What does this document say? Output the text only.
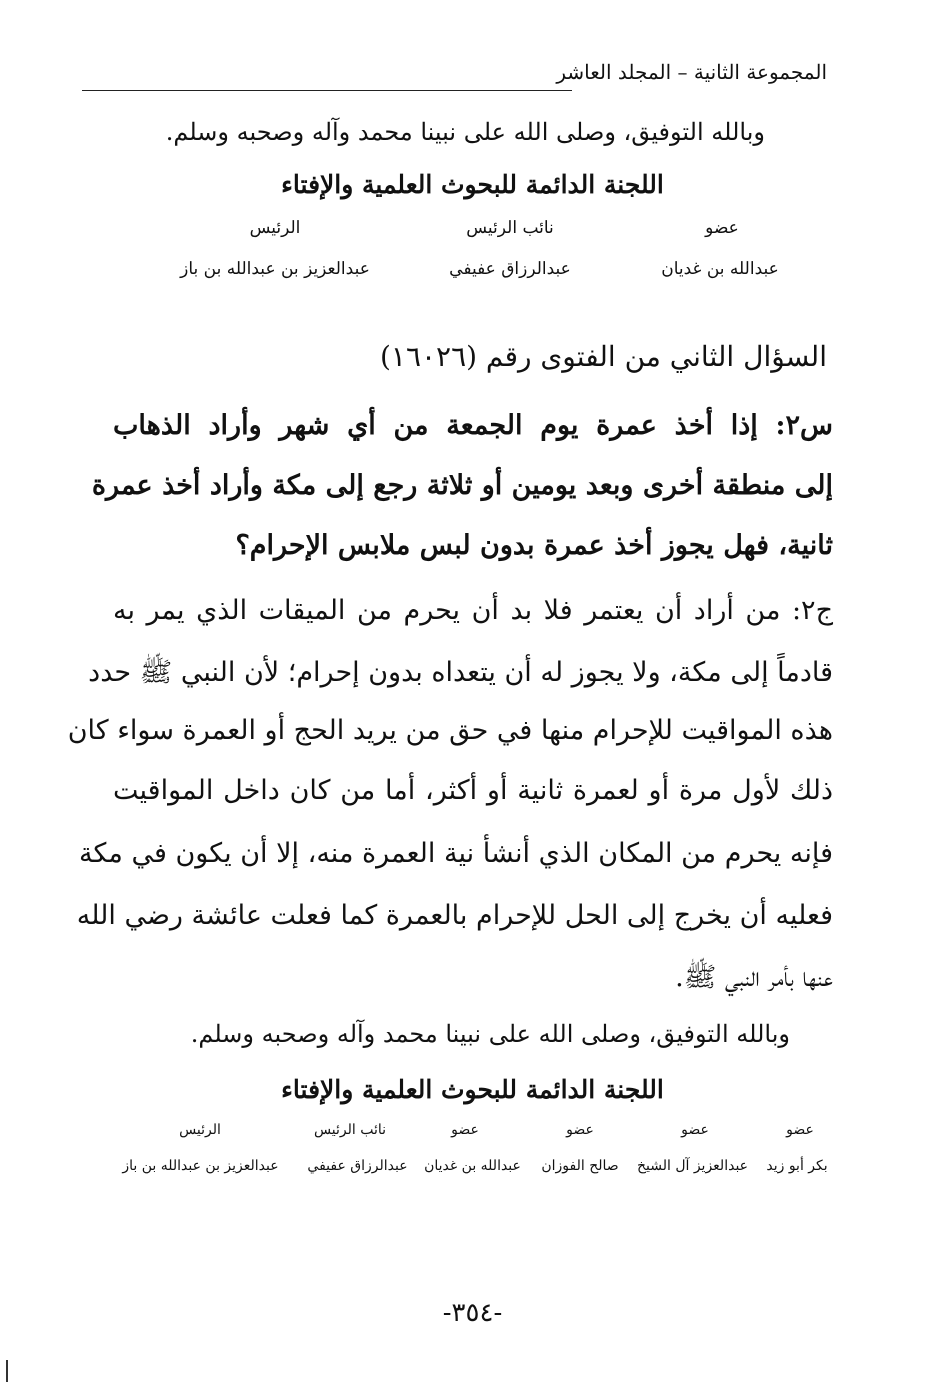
المجموعة الثانية – المجلد العاشر
وبالله التوفيق، وصلى الله على نبينا محمد وآله وصحبه وسلم.
اللجنة الدائمة للبحوث العلمية والإفتاء
عضو
نائب الرئيس
الرئيس
عبدالله بن غديان
عبدالرزاق عفيفي
عبدالعزيز بن عبدالله بن باز
السؤال الثاني من الفتوى رقم (١٦٠٢٦)
س٢: إذا أخذ عمرة يوم الجمعة من أي شهر وأراد الذهاب
إلى منطقة أخرى وبعد يومين أو ثلاثة رجع إلى مكة وأراد أخذ عمرة
ثانية، فهل يجوز أخذ عمرة بدون لبس ملابس الإحرام؟
ج٢: من أراد أن يعتمر فلا بد أن يحرم من الميقات الذي يمر به
قادماً إلى مكة، ولا يجوز له أن يتعداه بدون إحرام؛ لأن النبي ﷺ حدد
هذه المواقيت للإحرام منها في حق من يريد الحج أو العمرة سواء كان
ذلك لأول مرة أو لعمرة ثانية أو أكثر، أما من كان داخل المواقيت
فإنه يحرم من المكان الذي أنشأ نية العمرة منه، إلا أن يكون في مكة
فعليه أن يخرج إلى الحل للإحرام بالعمرة كما فعلت عائشة رضي الله
عنها بأمر النبي ﷺ.
وبالله التوفيق، وصلى الله على نبينا محمد وآله وصحبه وسلم.
اللجنة الدائمة للبحوث العلمية والإفتاء
عضو
عضو
عضو
عضو
نائب الرئيس
الرئيس
بكر أبو زيد
عبدالعزيز آل الشيخ
صالح الفوزان
عبدالله بن غديان
عبدالرزاق عفيفي
عبدالعزيز بن عبدالله بن باز
-٣٥٤-
